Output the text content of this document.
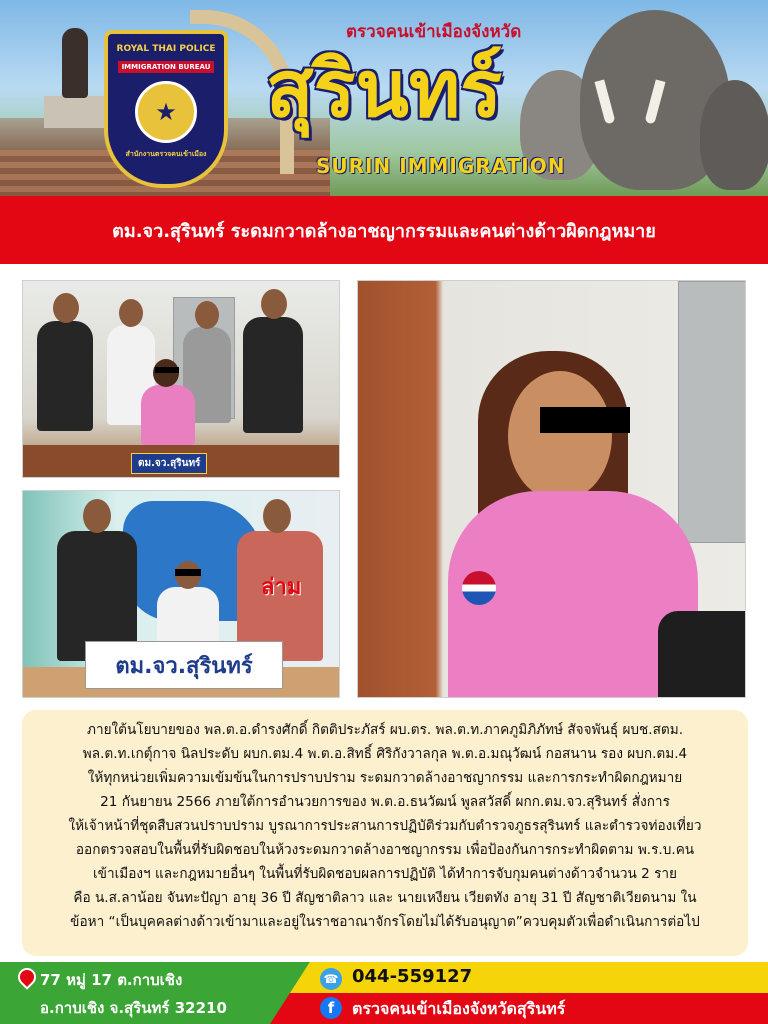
ROYAL THAI POLICE
IMMIGRATION BUREAU
★
สำนักงานตรวจคนเข้าเมือง
ตรวจคนเข้าเมืองจังหวัด
สุรินทร์
SURIN IMMIGRATION
ตม.จว.สุรินทร์ ระดมกวาดล้างอาชญากรรมและคนต่างด้าวผิดกฎหมาย
ตม.จว.สุรินทร์
ล่าม
ตม.จว.สุรินทร์
ภายใต้นโยบายของ พล.ต.อ.ดำรงศักดิ์ กิตติประภัสร์ ผบ.ตร. พล.ต.ท.ภาคภูมิภิภัทษ์ สัจจพันธุ์ ผบช.สตม.
พล.ต.ท.เกตุ์กาจ นิลประดับ ผบก.ตม.4 พ.ต.อ.สิทธิ์ ศิริกังวาลกุล พ.ต.อ.มณุวัฒน์ กอสนาน รอง ผบก.ตม.4
ให้ทุกหน่วยเพิ่มความเข้มข้นในการปราบปราม ระดมกวาดล้างอาชญากรรม และการกระทำผิดกฎหมาย
21 กันยายน 2566 ภายใต้การอำนวยการของ พ.ต.อ.ธนวัฒน์ พูลสวัสดิ์ ผกก.ตม.จว.สุรินทร์ สั่งการ
ให้เจ้าหน้าที่ชุดสืบสวนปราบปราม บูรณาการประสานการปฏิบัติร่วมกับตำรวจภูธรสุรินทร์ และตำรวจท่องเที่ยว
ออกตรวจสอบในพื้นที่รับผิดชอบในห้วงระดมกวาดล้างอาชญากรรม เพื่อป้องกันการกระทำผิดตาม พ.ร.บ.คน
เข้าเมืองฯ และกฎหมายอื่นๆ ในพื้นที่รับผิดชอบผลการปฏิบัติ ได้ทำการจับกุมคนต่างด้าวจำนวน 2 ราย
คือ น.ส.ลาน้อย จันทะปัญา อายุ 36 ปี สัญชาติลาว และ นายเหงียน เวียตทัง อายุ 31 ปี สัญชาติเวียดนาม ใน
ข้อหา “เป็นบุคคลต่างด้าวเข้ามาและอยู่ในราชอาณาจักรโดยไม่ได้รับอนุญาต”ควบคุมตัวเพื่อดำเนินการต่อไป
77 หมู่ 17 ต.กาบเชิง
อ.กาบเชิง จ.สุรินทร์ 32210
☎ 044-559127
f	ตรวจคนเข้าเมืองจังหวัดสุรินทร์
